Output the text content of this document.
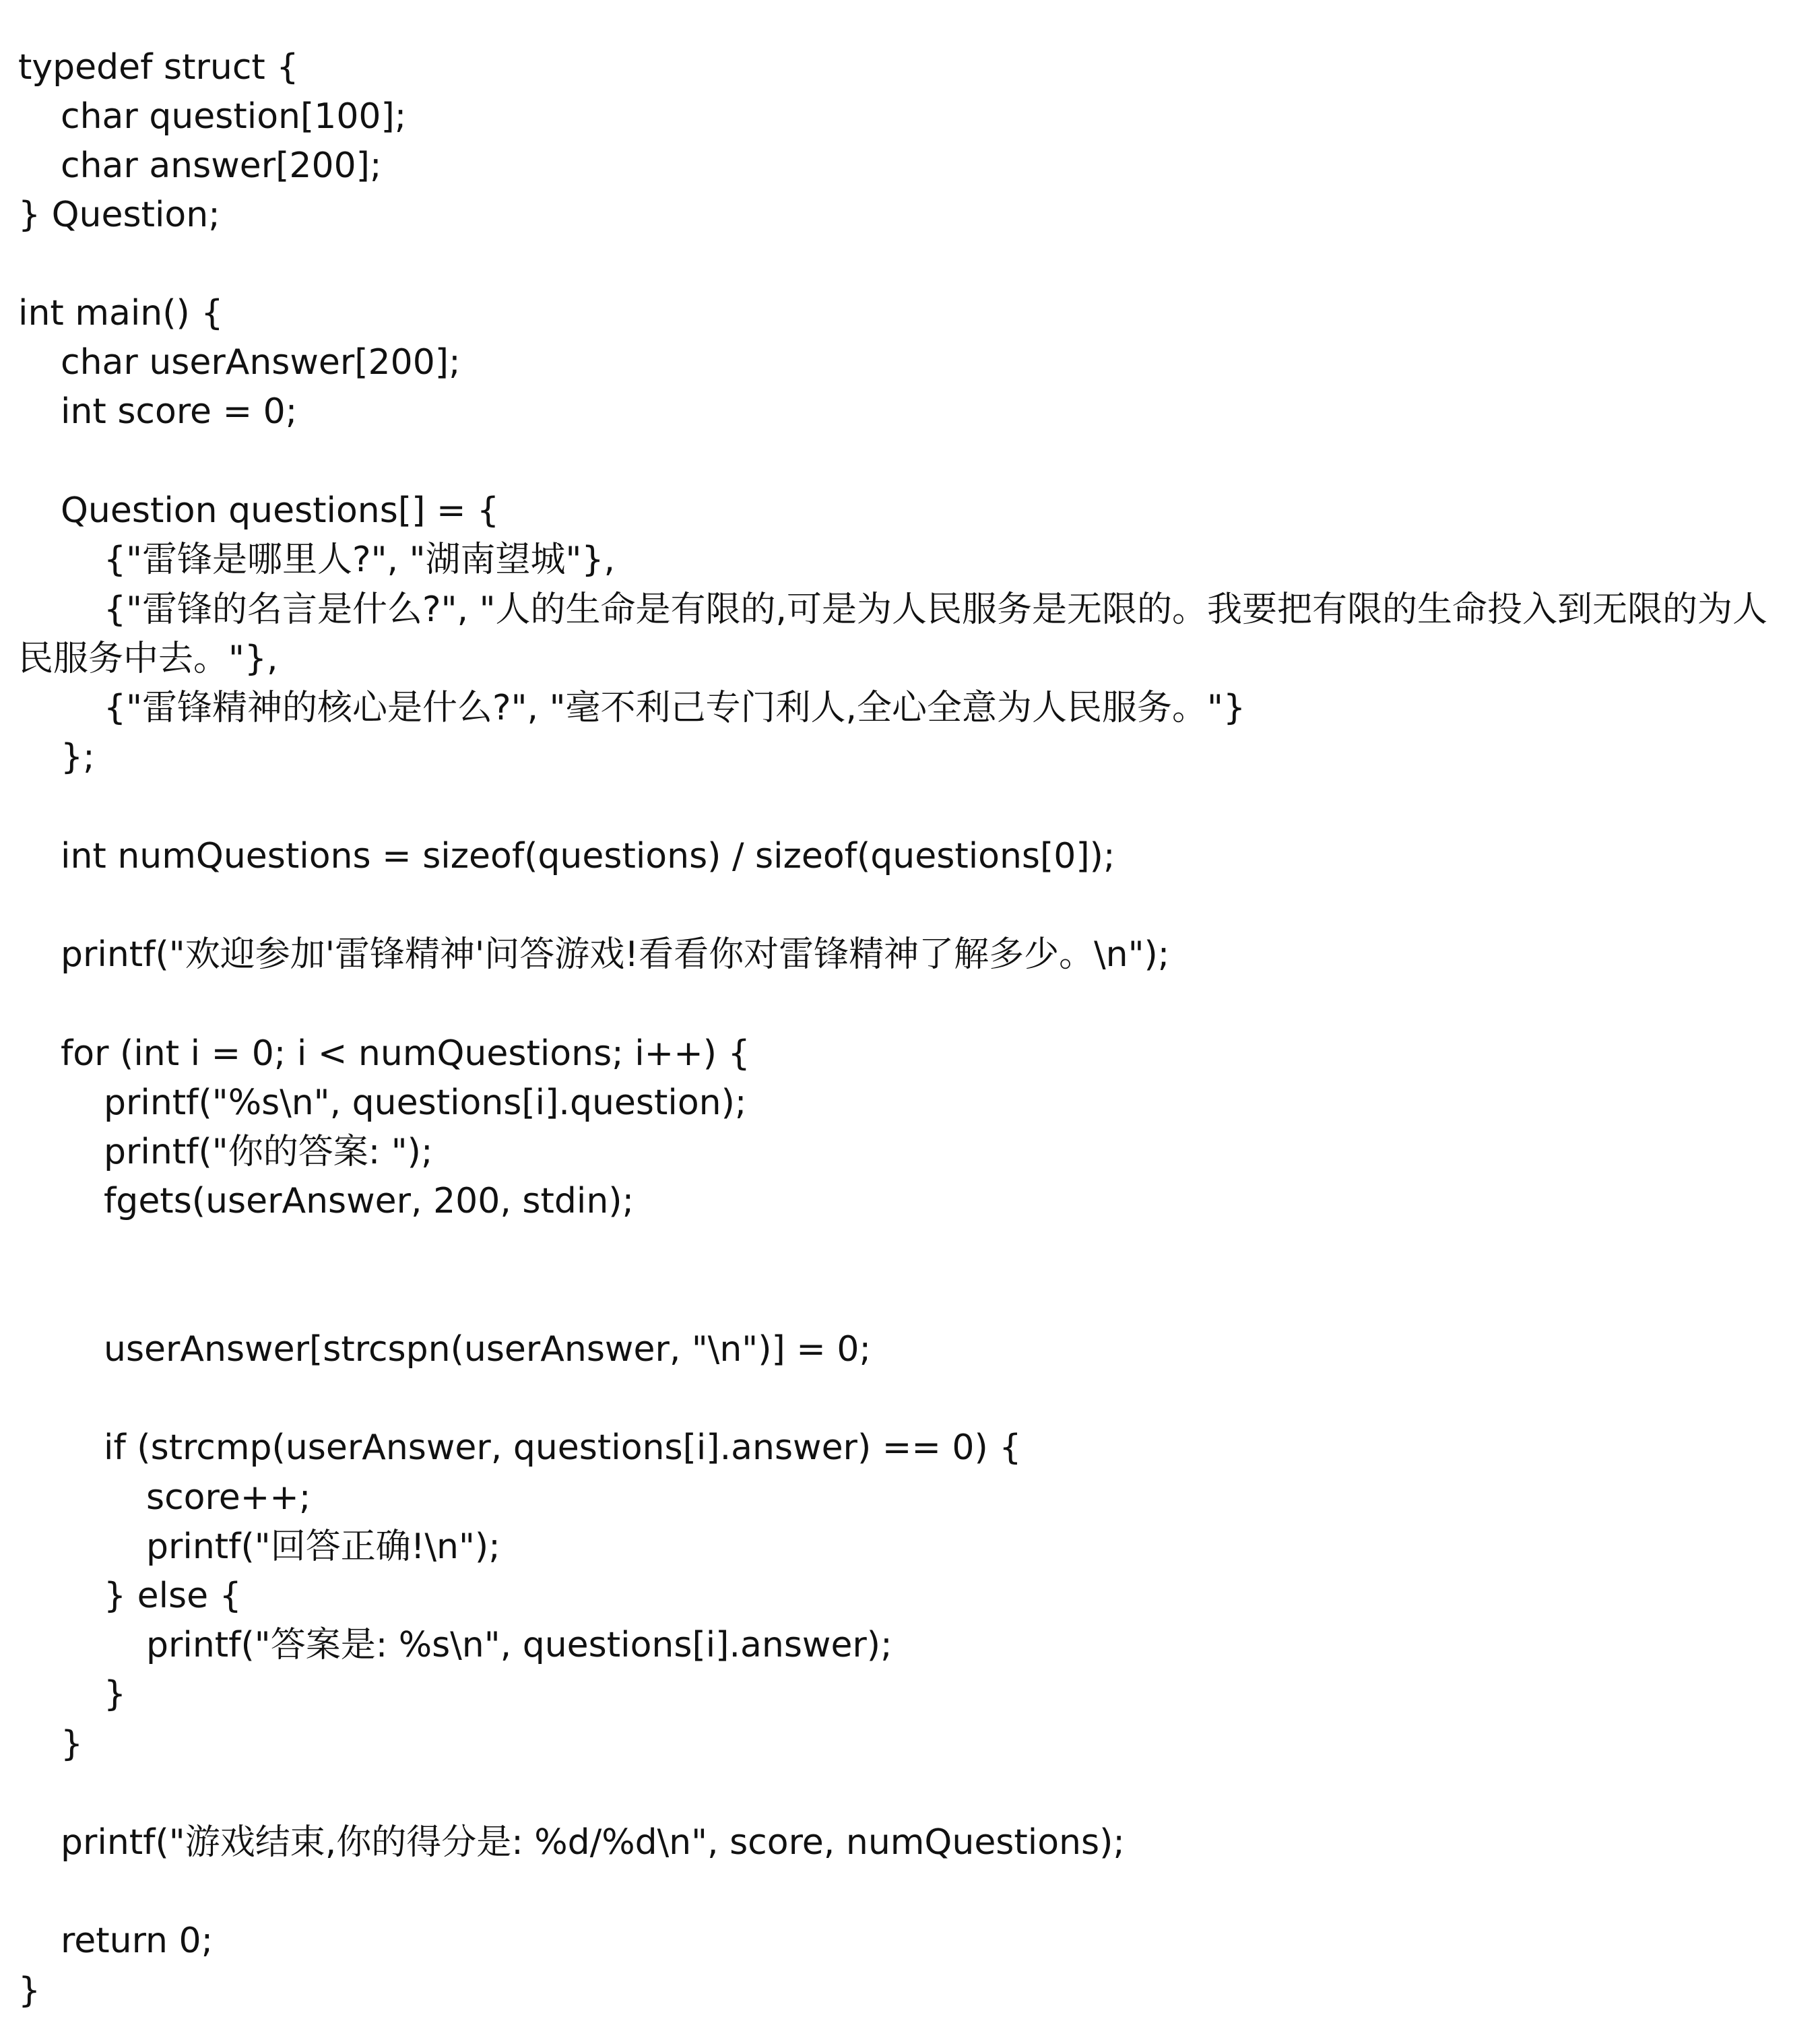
typedef struct {
char question[100];
char answer[200];
} Question;
int main() {
char userAnswer[200];
int score = 0;
Question questions[] = {
{"雷锋是哪里人?", "湖南望城"},
{"雷锋的名言是什么?", "人的生命是有限的,可是为人民服务是无限的。我要把有限的生命投入到无限的为人
民服务中去。"},
{"雷锋精神的核心是什么?", "毫不利己专门利人,全心全意为人民服务。"}
};
int numQuestions = sizeof(questions) / sizeof(questions[0]);
printf("欢迎参加'雷锋精神'问答游戏!看看你对雷锋精神了解多少。\n");
for (int i = 0; i < numQuestions; i++) {
printf("%s\n", questions[i].question);
printf("你的答案: ");
fgets(userAnswer, 200, stdin);
userAnswer[strcspn(userAnswer, "\n")] = 0;
if (strcmp(userAnswer, questions[i].answer) == 0) {
score++;
printf("回答正确!\n");
} else {
printf("答案是: %s\n", questions[i].answer);
}
}
printf("游戏结束,你的得分是: %d/%d\n", score, numQuestions);
return 0;
}
